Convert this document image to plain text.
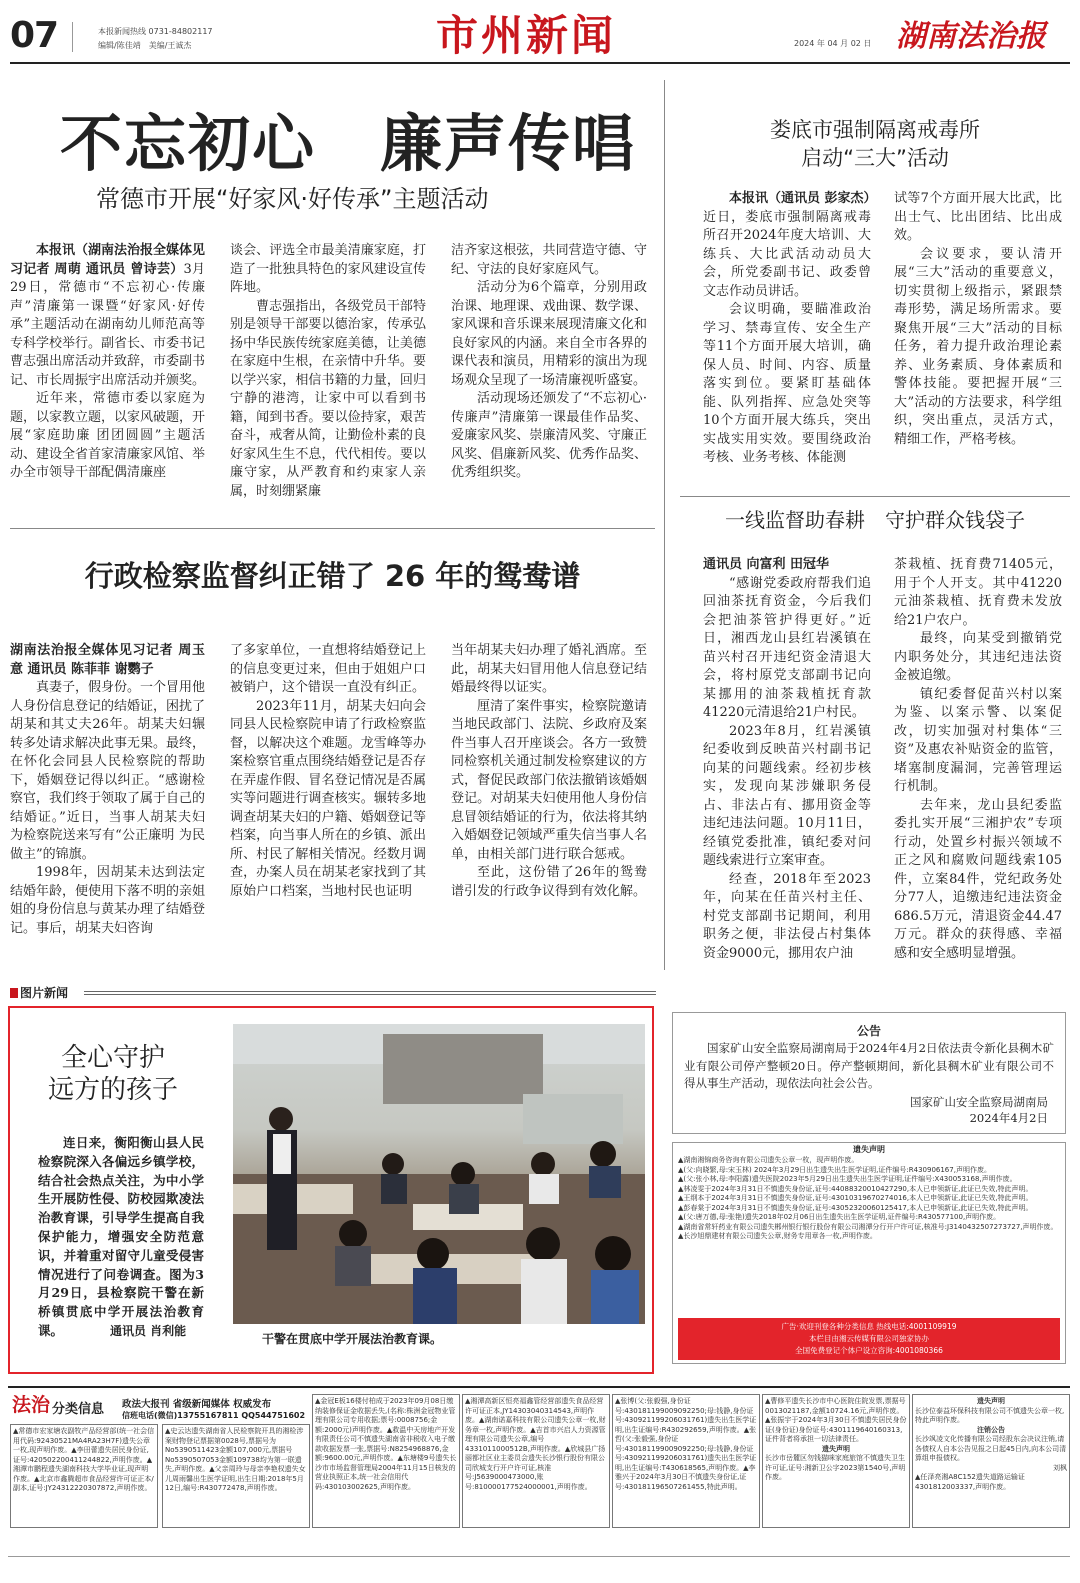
07	本报新闻热线 0731-84802117
编辑/陈佳靖　美编/王诚杰	市州新闻	2024 年 04 月 02 日 湖南法治报
不忘初心　廉声传唱
常德市开展“好家风·好传承”主题活动

本报讯（湖南法治报全媒体见习记者 周萌 通讯员 曾诗芸）3月29日，常德市“不忘初心·传廉声”清廉第一课暨“好家风·好传承”主题活动在湖南幼儿师范高等专科学校举行。副省长、市委书记曹志强出席活动并致辞，市委副书记、市长周振宇出席活动并颁奖。

近年来，常德市委以家庭为题，以家教立题，以家风破题，开展“家庭助廉 团团圆圆”主题活动、建设全省首家清廉家风馆、举办全市领导干部配偶清廉座

谈会、评选全市最美清廉家庭，打造了一批独具特色的家风建设宣传阵地。

曹志强指出，各级党员干部特别是领导干部要以德治家，传承弘扬中华民族传统家庭美德，让美德在家庭中生根，在亲情中升华。要以学兴家，相信书籍的力量，回归宁静的港湾，让家中可以看到书籍，闻到书香。要以俭持家，艰苦奋斗，戒奢从简，让勤俭朴素的良好家风生生不息，代代相传。要以廉守家，从严教育和约束家人亲属，时刻绷紧廉

洁齐家这根弦，共同营造守德、守纪、守法的良好家庭风气。

活动分为6个篇章，分别用政治课、地理课、戏曲课、数学课、家风课和音乐课来展现清廉文化和良好家风的内涵。来自全市各界的课代表和演员，用精彩的演出为现场观众呈现了一场清廉视听盛宴。

活动现场还颁发了“不忘初心·传廉声”清廉第一课最佳作品奖、爱廉家风奖、崇廉清风奖、守廉正风奖、倡廉新风奖、优秀作品奖、优秀组织奖。

娄底市强制隔离戒毒所
启动“三大”活动

本报讯（通讯员 彭家杰）近日，娄底市强制隔离戒毒所召开2024年度大培训、大练兵、大比武活动动员大会，所党委副书记、政委曾文志作动员讲话。

会议明确，要瞄准政治学习、禁毒宣传、安全生产等11个方面开展大培训，确保人员、时间、内容、质量落实到位。要紧盯基础体能、队列指挥、应急处突等10个方面开展大练兵，突出实战实用实效。要围绕政治考核、业务考核、体能测

试等7个方面开展大比武，比出士气、比出团结、比出成效。

会议要求，要认清开展“三大”活动的重要意义，切实贯彻上级指示，紧跟禁毒形势，满足场所需求。要聚焦开展“三大”活动的目标任务，着力提升政治理论素养、业务素质、身体素质和警体技能。要把握开展“三大”活动的方法要求，科学组织，突出重点，灵活方式，精细工作，严格考核。

一线监督助春耕　守护群众钱袋子

通讯员 向富利 田冠华

“感谢党委政府帮我们追回油茶抚育资金，今后我们会把油茶管护得更好。”近日，湘西龙山县红岩溪镇在苗兴村召开违纪资金清退大会，将村原党支部副书记向某挪用的油茶栽植抚育款41220元清退给21户村民。

2023年8月，红岩溪镇纪委收到反映苗兴村副书记向某的问题线索。经初步核实，发现向某涉嫌职务侵占、非法占有、挪用资金等违纪违法问题。10月11日，经镇党委批准，镇纪委对问题线索进行立案审查。

经查，2018年至2023年，向某在任苗兴村主任、村党支部副书记期间，利用职务之便，非法侵占村集体资金9000元，挪用农户油

茶栽植、抚育费71405元，用于个人开支。其中41220元油茶栽植、抚育费未发放给21户农户。

最终，向某受到撤销党内职务处分，其违纪违法资金被追缴。

镇纪委督促苗兴村以案为鉴、以案示警、以案促改，切实加强对村集体“三资”及惠农补贴资金的监管，堵塞制度漏洞，完善管理运行机制。

去年来，龙山县纪委监委扎实开展“三湘护农”专项行动，处置乡村振兴领域不正之风和腐败问题线索105件，立案84件，党纪政务处分77人，追缴违纪违法资金686.5万元，清退资金44.47万元。群众的获得感、幸福感和安全感明显增强。

行政检察监督纠正错了 26 年的鸳鸯谱

湖南法治报全媒体见习记者 周玉意 通讯员 陈菲菲 谢鹦子

真妻子，假身份。一个冒用他人身份信息登记的结婚证，困扰了胡某和其丈夫26年。胡某夫妇辗转多处请求解决此事无果。最终，在怀化会同县人民检察院的帮助下，婚姻登记得以纠正。“感谢检察官，我们终于领取了属于自己的结婚证。”近日，当事人胡某夫妇为检察院送来写有“公正廉明 为民做主”的锦旗。

1998年，因胡某未达到法定结婚年龄，便使用下落不明的亲姐姐的身份信息与黄某办理了结婚登记。事后，胡某夫妇咨询

了多家单位，一直想将结婚登记上的信息变更过来，但由于姐姐户口被销户，这个错误一直没有纠正。

2023年11月，胡某夫妇向会同县人民检察院申请了行政检察监督，以解决这个难题。龙雪峰等办案检察官重点围绕结婚登记是否存在弄虚作假、冒名登记情况是否属实等问题进行调查核实。辗转多地调查胡某夫妇的户籍、婚姻登记等档案，向当事人所在的乡镇、派出所、村民了解相关情况。经数月调查，办案人员在胡某老家找到了其原始户口档案，当地村民也证明

当年胡某夫妇办理了婚礼酒席。至此，胡某夫妇冒用他人信息登记结婚最终得以证实。

厘清了案件事实，检察院邀请当地民政部门、法院、乡政府及案件当事人召开座谈会。各方一致赞同检察机关通过制发检察建议的方式，督促民政部门依法撤销该婚姻登记。对胡某夫妇使用他人身份信息冒领结婚证的行为，依法将其纳入婚姻登记领域严重失信当事人名单，由相关部门进行联合惩戒。

至此，这份错了26年的鸳鸯谱引发的行政争议得到有效化解。

图片新闻
全心守护
远方的孩子

连日来，衡阳衡山县人民检察院深入各偏远乡镇学校，结合社会热点关注，为中小学生开展防性侵、防校园欺凌法治教育课，引导学生提高自我保护能力，增强安全防范意识，并着重对留守儿童受侵害情况进行了问卷调查。图为3月29日，县检察院干警在新桥镇贯底中学开展法治教育课。	通讯员 肖利能
干警在贯底中学开展法治教育课。
公告

国家矿山安全监察局湖南局于2024年4月2日依法责令新化县稠木矿业有限公司停产整顿20日。停产整顿期间，新化县稠木矿业有限公司不得从事生产活动，现依法向社会公告。

国家矿山安全监察局湖南局
2024年4月2日
遗失声明
▲湖南湘锦商务咨询有限公司遗失公章一枚，现声明作废。
▲(父:向晓繁,母:宋玉林) 2024年3月29日出生遗失出生医学证明,证件编号:R430906167,声明作废。
▲(父:张小林,母:李阳露)遗失医院2023年5月29日出生遗失出生医学证明,证件编号:X430053168,声明作废。
▲林凌雯于2024年3月31日不慎遗失身份证,证号:44088320010427290,本人已申领新证,此证已失效,特此声明。
▲王纲本于2024年3月31日不慎遗失身份证,证号:43010319670274016,本人已申领新证,此证已失效,特此声明。
▲彭春棠于2024年3月31日不慎遗失身份证,证号:43052320060125417,本人已申领新证,此证已失效,特此声明。
▲(父:唐万德,母:张艳)遗失2018年02月06日出生遗失出生医学证明,证件编号:R430577100,声明作废。
▲湖南省常轩药业有限公司遗失郴州银行银行股份有限公司湘潭分行开户许可证,核准号:J3140432507273727,声明作废。
▲长沙旭鼎建材有限公司遗失公章,财务专用章各一枚,声明作废。
广告·欢迎刊登各种分类信息 热线电话:4001109919
本栏目由湘云传媒有限公司独家协办
全国免费登记个体户设立咨询:4001080366
法治 分类信息 政法大报刊 省级新闻媒体 权威发布
信班电话(微信)13755167811 QQ544751602
▲常德市宏家塘农副牧产品经营部(统一社会信用代码:92430521MA4RA23H7F)遗失公章一枚,现声明作废。▲李田蕾遗失居民身份证,证号:420502200411244822,声明作废。▲湘潭市鹏程遗失湖南科技大学毕业证,现声明作废。▲北京市鑫腾超市食品经营许可证正本/副本,证号:JY24312220307872,声明作废。
▲史云达遗失湖南省人民检察院开具的湘检涉案财物登记票据第0028号,票据号为No5390511423金额107,000元,票据号No5390507053金额109738均为第一联遗失,声明作废。▲父亲周玲与母亲李艳权遗失女儿周雨馨出生医学证明,出生日期:2018年5月12日,编号:R430772478,声明作废。
▲金冠E板16楼付柏成于2023年09月08日缴纳装修保证金收据丢失,(名称:株洲金冠物业管理有限公司专用收据;票号:0008756;金额:2000元)声明作废。▲救温中天房地产开发有限责任公司不慎遗失湖南省非税收入电子缴款收据发票一张,票据号:N8254968876,金额:9600.00元,声明作废。▲东塘楼9号遗失长沙市市场监督管理局2004年11月15日核发的营业执照正本,统一社会信用代码:430103002625,声明作废。
▲湘潭高新区恒亮福鑫管经营部遗失食品经营许可证正本,JY14303040314543,声明作废。▲湖南诺嘉科技有限公司遗失公章一枚,财务章一枚,声明作废。▲吉首市兴启人力资源管理有限公司遗失公章,编号4331011000512B,声明作废。▲欣城县广扬丽都社区业主委员会遗失长沙银行股份有限公司欣城支行开户许可证,核准号:J5639000473000,账号:810000177524000001,声明作废。
▲张博(父:张毅强,身份证号:430181199009092250;母:钱静,身份证号:430921199206031761)遗失出生医学证明,出生证编号:R430292659,声明作废。▲张哲(父:张毅强,身份证号:430181199009092250;母:钱静,身份证号:430921199206031761)遗失出生医学证明,出生证编号:T430618565,声明作废。▲李雅兴于2024年3月30日不慎遗失身份证,证号:430181196507261455,特此声明。
▲曹修平遗失长沙市中心医院住院发票,票据号0013021187,金额10724.16元,声明作废。▲张振宇于2024年3月30日不慎遗失居民身份证(身份证)身份证号:4301119640160313,证件背者将承担一切法律责任。
遗失声明
长沙市岳麓区勿钱猫咪家庭旅馆不慎遗失卫生许可证,证号:湘新卫公字2023第1540号,声明作废。
遗失声明
长沙位泰益环保科技有限公司不慎遗失公章一枚,特此声明作废。
注销公告
长沙飒凌文化传播有限公司经股东会决议注销,请各债权人自本公告见报之日起45日内,向本公司清算组申报债权。
刘枫
▲任泽亮湘A8C152遗失道路运输证4301812003337,声明作废。
